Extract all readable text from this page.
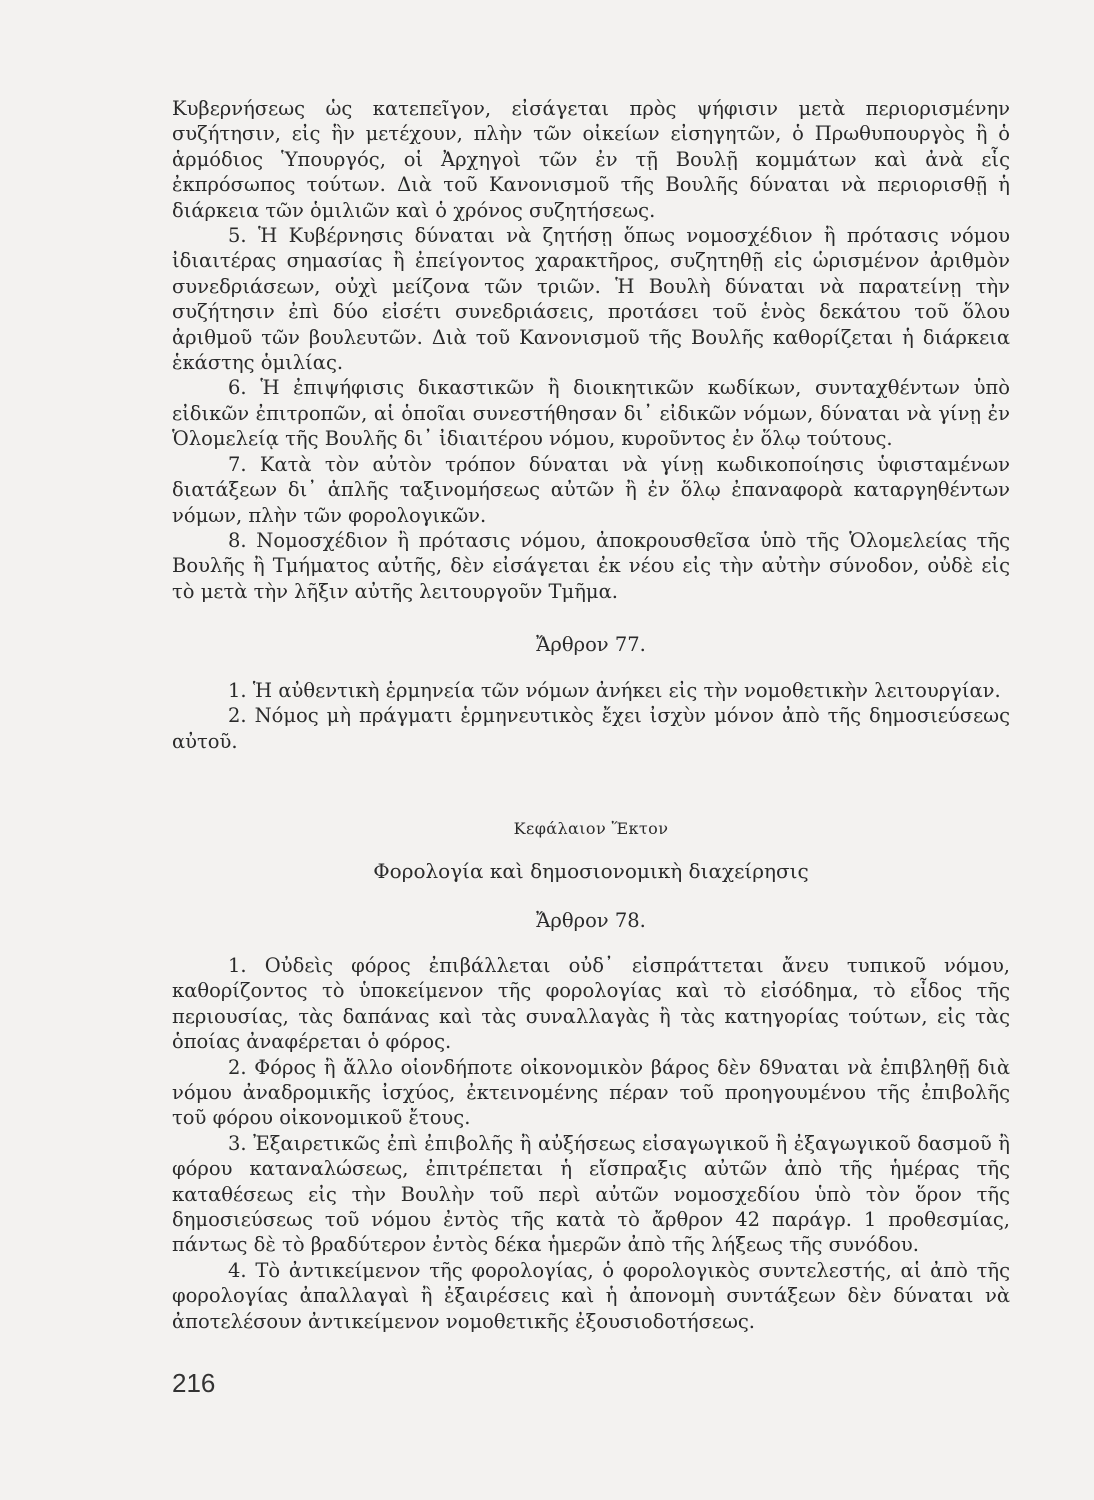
Κυβερνήσεως ὡς κατεπεῖγον, εἰσάγεται πρὸς ψήφισιν μετὰ περιορισμένην συζήτησιν, εἰς ἣν μετέχουν, πλὴν τῶν οἰκείων εἰσηγητῶν, ὁ Πρωθυπουργὸς ἢ ὁ ἁρμόδιος Ὑπουργός, οἱ Ἀρχηγοὶ τῶν ἐν τῇ Βουλῇ κομμάτων καὶ ἀνὰ εἷς ἐκπρόσωπος τούτων. Διὰ τοῦ Κανονισμοῦ τῆς Βουλῆς δύναται νὰ περιορισθῇ ἡ διάρκεια τῶν ὁμιλιῶν καὶ ὁ χρόνος συζητήσεως.

5. Ἡ Κυβέρνησις δύναται νὰ ζητήσῃ ὅπως νομοσχέδιον ἢ πρότασις νόμου ἰδιαιτέρας σημασίας ἢ ἐπείγοντος χαρακτῆρος, συζητηθῇ εἰς ὡρισμένον ἀριθμὸν συνεδριάσεων, οὐχὶ μείζονα τῶν τριῶν. Ἡ Βουλὴ δύναται νὰ παρατείνῃ τὴν συζήτησιν ἐπὶ δύο εἰσέτι συνεδριάσεις, προτάσει τοῦ ἑνὸς δεκάτου τοῦ ὅλου ἀριθμοῦ τῶν βουλευτῶν. Διὰ τοῦ Κανονισμοῦ τῆς Βουλῆς καθορίζεται ἡ διάρκεια ἑκάστης ὁμιλίας.

6. Ἡ ἐπιψήφισις δικαστικῶν ἢ διοικητικῶν κωδίκων, συνταχθέντων ὑπὸ εἰδικῶν ἐπιτροπῶν, αἱ ὁποῖαι συνεστήθησαν δι᾽ εἰδικῶν νόμων, δύναται νὰ γίνῃ ἐν Ὁλομελείᾳ τῆς Βουλῆς δι᾽ ἰδιαιτέρου νόμου, κυροῦντος ἐν ὅλῳ τούτους.

7. Κατὰ τὸν αὐτὸν τρόπον δύναται νὰ γίνῃ κωδικοποίησις ὑφισταμένων διατάξεων δι᾽ ἁπλῆς ταξινομήσεως αὐτῶν ἢ ἐν ὅλῳ ἐπαναφορὰ καταργηθέντων νόμων, πλὴν τῶν φορολογικῶν.

8. Νομοσχέδιον ἢ πρότασις νόμου, ἀποκρουσθεῖσα ὑπὸ τῆς Ὁλομελείας τῆς Βουλῆς ἢ Τμήματος αὐτῆς, δὲν εἰσάγεται ἐκ νέου εἰς τὴν αὐτὴν σύνοδον, οὐδὲ εἰς τὸ μετὰ τὴν λῆξιν αὐτῆς λειτουργοῦν Τμῆμα.

Ἄρθρον 77.

1. Ἡ αὐθεντικὴ ἑρμηνεία τῶν νόμων ἀνήκει εἰς τὴν νομοθετικὴν λειτουργίαν.

2. Νόμος μὴ πράγματι ἑρμηνευτικὸς ἔχει ἰσχὺν μόνον ἀπὸ τῆς δημοσιεύσεως αὐτοῦ.

Κεφάλαιον Ἕκτον
Φορολογία καὶ δημοσιονομικὴ διαχείρησις
Ἄρθρον 78.

1. Οὐδεὶς φόρος ἐπιβάλλεται οὐδ᾽ εἰσπράττεται ἄνευ τυπικοῦ νόμου, καθορίζοντος τὸ ὑποκείμενον τῆς φορολογίας καὶ τὸ εἰσόδημα, τὸ εἶδος τῆς περιουσίας, τὰς δαπάνας καὶ τὰς συναλλαγὰς ἢ τὰς κατηγορίας τούτων, εἰς τὰς ὁποίας ἀναφέρεται ὁ φόρος.

2. Φόρος ἢ ἄλλο οἱονδήποτε οἰκονομικὸν βάρος δὲν δ9ναται νὰ ἐπιβληθῇ διὰ νόμου ἀναδρομικῆς ἰσχύος, ἐκτεινομένης πέραν τοῦ προηγουμένου τῆς ἐπιβολῆς τοῦ φόρου οἰκονομικοῦ ἔτους.

3. Ἐξαιρετικῶς ἐπὶ ἐπιβολῆς ἢ αὐξήσεως εἰσαγωγικοῦ ἢ ἐξαγωγικοῦ δασμοῦ ἢ φόρου καταναλώσεως, ἐπιτρέπεται ἡ εἴσπραξις αὐτῶν ἀπὸ τῆς ἡμέρας τῆς καταθέσεως εἰς τὴν Βουλὴν τοῦ περὶ αὐτῶν νομοσχεδίου ὑπὸ τὸν ὅρον τῆς δημοσιεύσεως τοῦ νόμου ἐντὸς τῆς κατὰ τὸ ἄρθρον 42 παράγρ. 1 προθεσμίας, πάντως δὲ τὸ βραδύτερον ἐντὸς δέκα ἡμερῶν ἀπὸ τῆς λήξεως τῆς συνόδου.

4. Τὸ ἀντικείμενον τῆς φορολογίας, ὁ φορολογικὸς συντελεστής, αἱ ἀπὸ τῆς φορολογίας ἀπαλλαγαὶ ἢ ἐξαιρέσεις καὶ ἡ ἀπονομὴ συντάξεων δὲν δύναται νὰ ἀποτελέσουν ἀντικείμενον νομοθετικῆς ἐξουσιοδοτήσεως.

216
